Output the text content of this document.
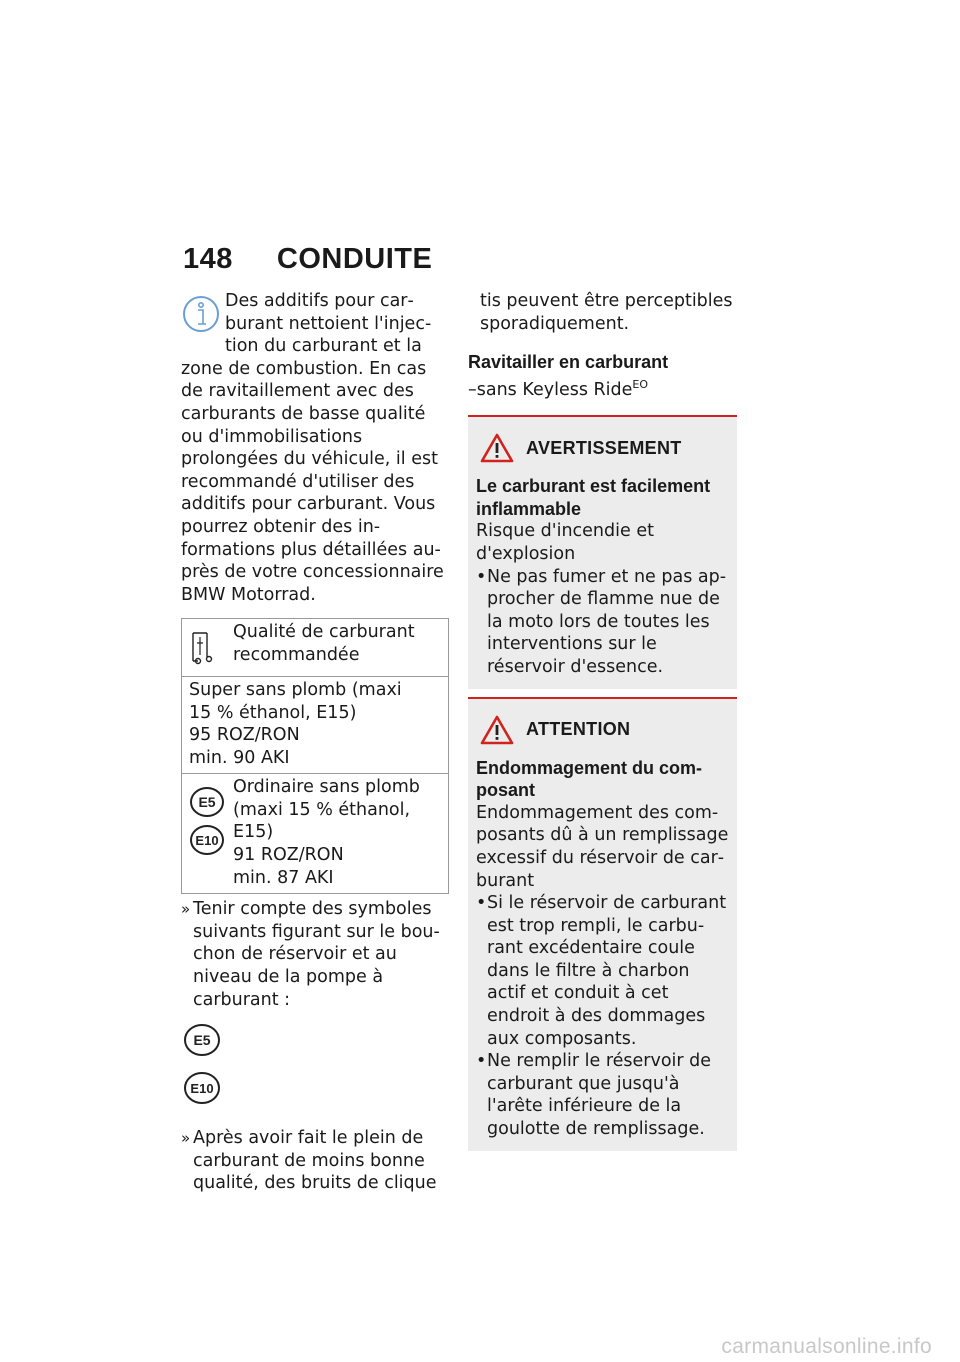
148 CONDUITE
Des additifs pour carburant nettoient l'injection du carburant et la zone de combustion. En cas de ravitaillement avec des carburants de basse qualité ou d'immobilisations prolongées du véhicule, il est recommandé d'utiliser des additifs pour carburant. Vous pourrez obtenir des informations plus détaillées auprès de votre concessionnaire BMW Motorrad.
Qualité de carburant recommandée
Super sans plomb (maxi
15 % éthanol, E15)
95 ROZ/RON
min. 90 AKI
E5
E10
Ordinaire sans plomb
(maxi 15 % éthanol,
E15)
91 ROZ/RON
min. 87 AKI
» Tenir compte des symboles suivants figurant sur le bouchon de réservoir et au niveau de la pompe à carburant :
E5
E10
» Après avoir fait le plein de carburant de moins bonne qualité, des bruits de clique
tis peuvent être perceptibles sporadiquement.
Ravitailler en carburant
–sans Keyless Ride$^{EO}$
AVERTISSEMENT
Le carburant est facilement inflammable
Risque d'incendie et d'explosion
• Ne pas fumer et ne pas approcher de flamme nue de la moto lors de toutes les interventions sur le réservoir d'essence.
ATTENTION
Endommagement du composant
Endommagement des composants dû à un remplissage excessif du réservoir de carburant
• Si le réservoir de carburant est trop rempli, le carburant excédentaire coule dans le filtre à charbon actif et conduit à cet endroit à des dommages aux composants.
• Ne remplir le réservoir de carburant que jusqu'à l'arête inférieure de la goulotte de remplissage.
carmanualsonline.info
